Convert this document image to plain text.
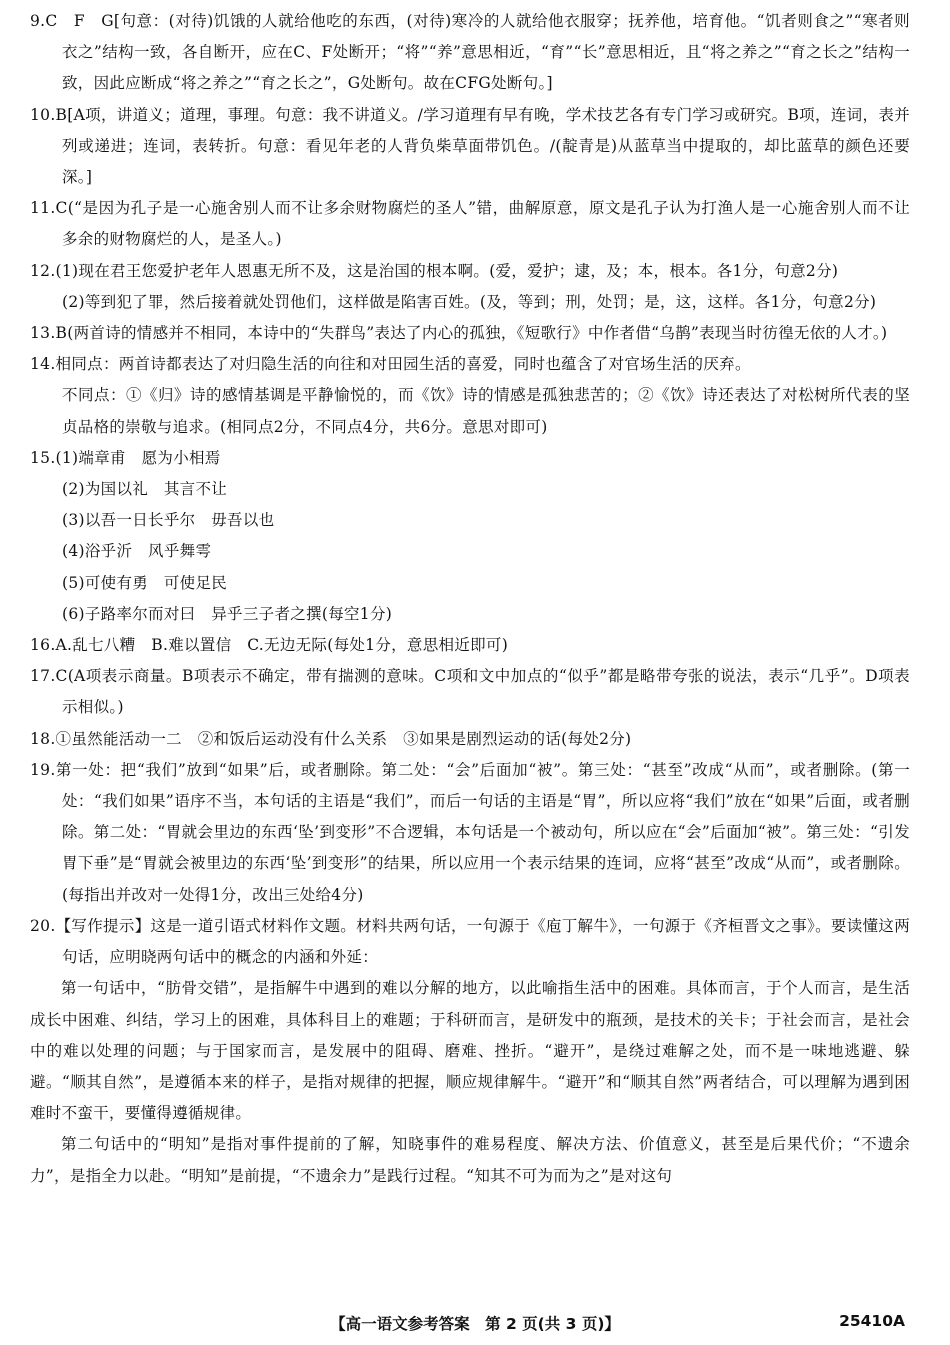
9.C　F　G[句意：(对待)饥饿的人就给他吃的东西，(对待)寒冷的人就给他衣服穿；抚养他，培育他。“饥者则食之”“寒者则衣之”结构一致，各自断开，应在C、F处断开；“将”“养”意思相近，“育”“长”意思相近，且“将之养之”“育之长之”结构一致，因此应断成“将之养之”“育之长之”，G处断句。故在CFG处断句。]

10.B[A项，讲道义；道理，事理。句意：我不讲道义。/学习道理有早有晚，学术技艺各有专门学习或研究。B项，连词，表并列或递进；连词，表转折。句意：看见年老的人背负柴草面带饥色。/(靛青是)从蓝草当中提取的，却比蓝草的颜色还要深。]

11.C(“是因为孔子是一心施舍别人而不让多余财物腐烂的圣人”错，曲解原意，原文是孔子认为打渔人是一心施舍别人而不让多余的财物腐烂的人，是圣人。)

12.(1)现在君王您爱护老年人恩惠无所不及，这是治国的根本啊。(爱，爱护；逮，及；本，根本。各1分，句意2分)

(2)等到犯了罪，然后接着就处罚他们，这样做是陷害百姓。(及，等到；刑，处罚；是，这，这样。各1分，句意2分)

13.B(两首诗的情感并不相同，本诗中的“失群鸟”表达了内心的孤独，《短歌行》中作者借“乌鹊”表现当时彷徨无依的人才。)

14.相同点：两首诗都表达了对归隐生活的向往和对田园生活的喜爱，同时也蕴含了对官场生活的厌弃。

不同点：①《归》诗的感情基调是平静愉悦的，而《饮》诗的情感是孤独悲苦的；②《饮》诗还表达了对松树所代表的坚贞品格的崇敬与追求。(相同点2分，不同点4分，共6分。意思对即可)

15.(1)端章甫　愿为小相焉

(2)为国以礼　其言不让

(3)以吾一日长乎尔　毋吾以也

(4)浴乎沂　风乎舞雩

(5)可使有勇　可使足民

(6)子路率尔而对曰　异乎三子者之撰(每空1分)

16.A.乱七八糟　B.难以置信　C.无边无际(每处1分，意思相近即可)

17.C(A项表示商量。B项表示不确定，带有揣测的意味。C项和文中加点的“似乎”都是略带夸张的说法，表示“几乎”。D项表示相似。)

18.①虽然能活动一二　②和饭后运动没有什么关系　③如果是剧烈运动的话(每处2分)

19.第一处：把“我们”放到“如果”后，或者删除。第二处：“会”后面加“被”。第三处：“甚至”改成“从而”，或者删除。(第一处：“我们如果”语序不当，本句话的主语是“我们”，而后一句话的主语是“胃”，所以应将“我们”放在“如果”后面，或者删除。第二处：“胃就会里边的东西‘坠’到变形”不合逻辑，本句话是一个被动句，所以应在“会”后面加“被”。第三处：“引发胃下垂”是“胃就会被里边的东西‘坠’到变形”的结果，所以应用一个表示结果的连词，应将“甚至”改成“从而”，或者删除。(每指出并改对一处得1分，改出三处给4分)

20.【写作提示】这是一道引语式材料作文题。材料共两句话，一句源于《庖丁解牛》，一句源于《齐桓晋文之事》。要读懂这两句话，应明晓两句话中的概念的内涵和外延：

第一句话中，“肪骨交错”，是指解牛中遇到的难以分解的地方，以此喻指生活中的困难。具体而言，于个人而言，是生活成长中困难、纠结，学习上的困难，具体科目上的难题；于科研而言，是研发中的瓶颈，是技术的关卡；于社会而言，是社会中的难以处理的问题；与于国家而言，是发展中的阻碍、磨难、挫折。“避开”，是绕过难解之处，而不是一味地逃避、躲避。“顺其自然”，是遵循本来的样子，是指对规律的把握，顺应规律解牛。“避开”和“顺其自然”两者结合，可以理解为遇到困难时不蛮干，要懂得遵循规律。

第二句话中的“明知”是指对事件提前的了解，知晓事件的难易程度、解决方法、价值意义，甚至是后果代价；“不遗余力”，是指全力以赴。“明知”是前提，“不遗余力”是践行过程。“知其不可为而为之”是对这句

【高一语文参考答案　第 2 页(共 3 页)】	25410A
